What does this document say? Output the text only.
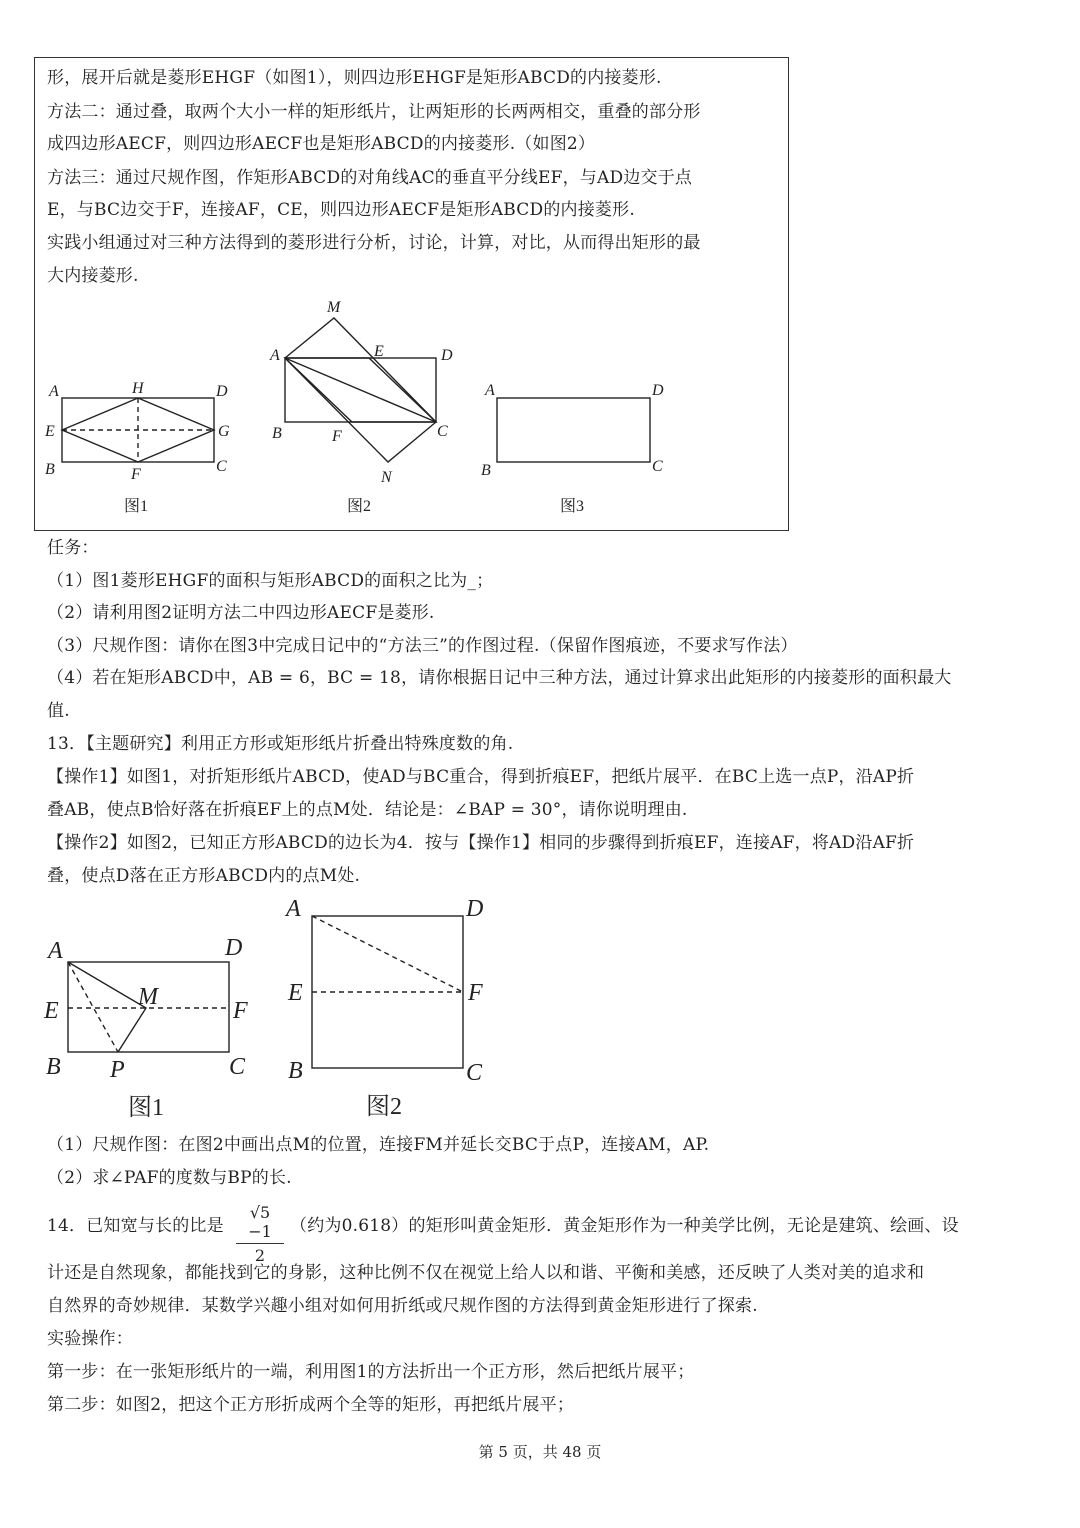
形，展开后就是菱形EHGF（如图1），则四边形EHGF是矩形ABCD的内接菱形.
方法二：通过叠，取两个大小一样的矩形纸片，让两矩形的长两两相交，重叠的部分形
成四边形AECF，则四边形AECF也是矩形ABCD的内接菱形.（如图2）
方法三：通过尺规作图，作矩形ABCD的对角线AC的垂直平分线EF，与AD边交于点
E，与BC边交于F，连接AF，CE，则四边形AECF是矩形ABCD的内接菱形.
实践小组通过对三种方法得到的菱形进行分析，讨论，计算，对比，从而得出矩形的最
大内接菱形.
A	H	D
E	G
B	F	C
图1
M
A	E	D
B	F	C
N
图2
A	D
B	C
图3
任务：
（1）图1菱形EHGF的面积与矩形ABCD的面积之比为_；
（2）请利用图2证明方法二中四边形AECF是菱形.
（3）尺规作图：请你在图3中完成日记中的“方法三”的作图过程.（保留作图痕迹，不要求写作法）
（4）若在矩形ABCD中，AB = 6，BC = 18，请你根据日记中三种方法，通过计算求出此矩形的内接菱形的面积最大
值.
13．【主题研究】利用正方形或矩形纸片折叠出特殊度数的角.
【操作1】如图1，对折矩形纸片ABCD，使AD与BC重合，得到折痕EF，把纸片展平．在BC上选一点P，沿AP折
叠AB，使点B恰好落在折痕EF上的点M处．结论是：∠BAP = 30°，请你说明理由.
【操作2】如图2，已知正方形ABCD的边长为4．按与【操作1】相同的步骤得到折痕EF，连接AF，将AD沿AF折
叠，使点D落在正方形ABCD内的点M处.
A	D
E
M
F
B P	C
图1
A	D
E	F
B	C
图2
（1）尺规作图：在图2中画出点M的位置，连接FM并延长交BC于点P，连接AM，AP.
（2）求∠PAF的度数与BP的长.
14．已知宽与长的比是 $\frac{√5 -1}{2}$ （约为0.618）的矩形叫黄金矩形．黄金矩形作为一种美学比例，无论是建筑、绘画、设
计还是自然现象，都能找到它的身影，这种比例不仅在视觉上给人以和谐、平衡和美感，还反映了人类对美的追求和
自然界的奇妙规律．某数学兴趣小组对如何用折纸或尺规作图的方法得到黄金矩形进行了探索.
实验操作：
第一步：在一张矩形纸片的一端，利用图1的方法折出一个正方形，然后把纸片展平；
第二步：如图2，把这个正方形折成两个全等的矩形，再把纸片展平；
第 5 页，共 48 页
